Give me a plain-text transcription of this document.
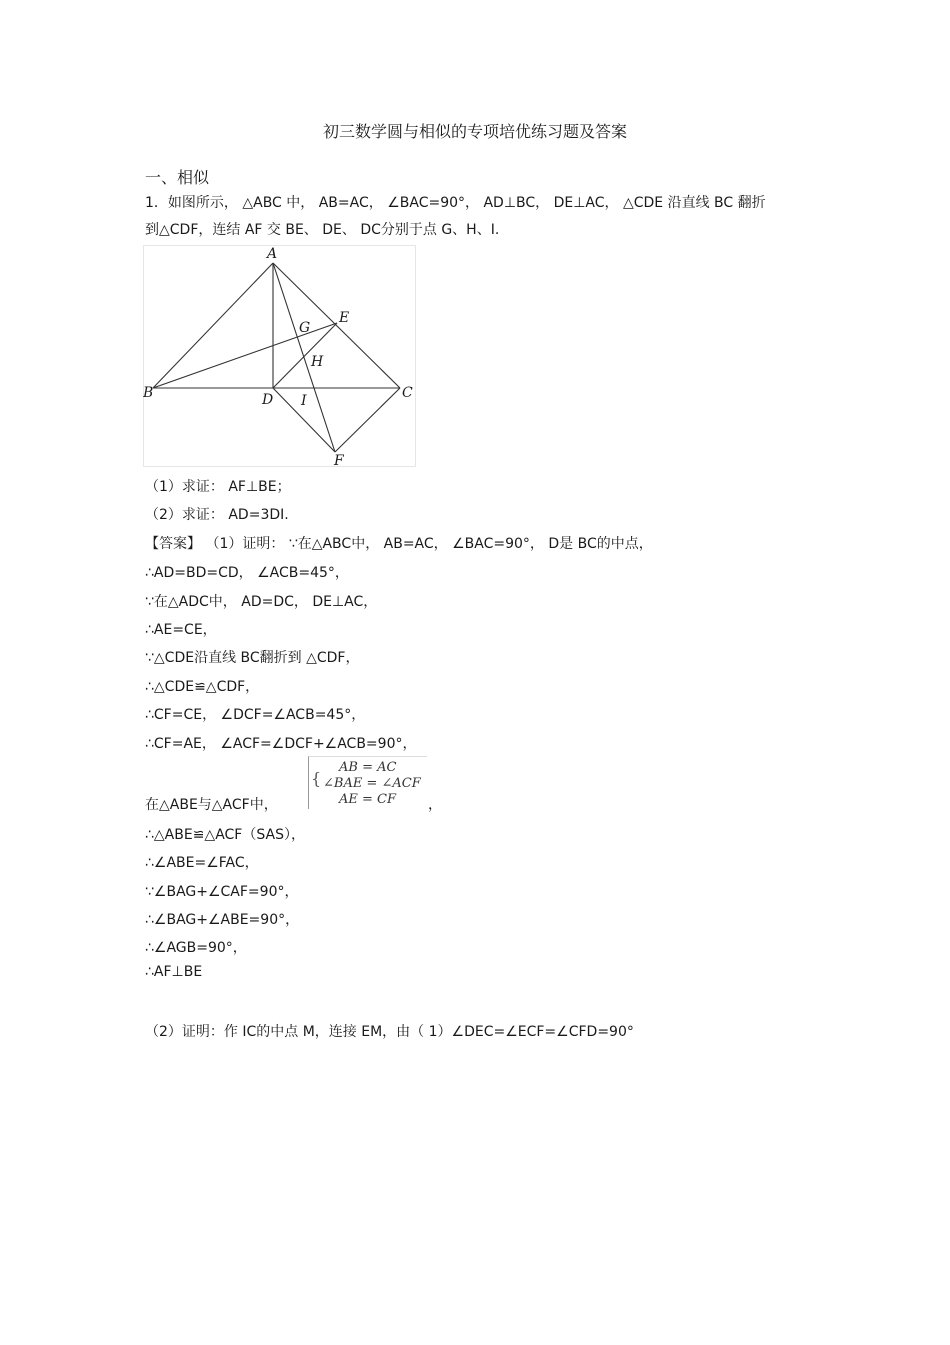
初三数学圆与相似的专项培优练习题及答案
一、相似
1．如图所示， △ABC 中， AB=AC， ∠BAC=90°， AD⊥BC， DE⊥AC， △CDE 沿直线 BC 翻折
到△CDF，连结 AF 交 BE、 DE、 DC分别于点 G、H、I.
A
B	C
D
E
F
G
H
I
（1）求证： AF⊥BE；
（2）求证： AD=3DI.
【答案】 （1）证明： ∵在△ABC中， AB=AC， ∠BAC=90°， D是 BC的中点，
∴AD=BD=CD， ∠ACB=45°，
∵在△ADC中， AD=DC， DE⊥AC，
∴AE=CE，
∵△CDE沿直线 BC翻折到 △CDF，
∴△CDE≌△CDF，
∴CF=CE， ∠DCF=∠ACB=45°，
∴CF=AE， ∠ACF=∠DCF+∠ACB=90°，
在△ABE与△ACF中，
{
AB = AC
∠BAE = ∠ACF
AE = CF ，
∴△ABE≌△ACF（SAS），
∴∠ABE=∠FAC，
∵∠BAG+∠CAF=90°，
∴∠BAG+∠ABE=90°，
∴∠AGB=90°，
∴AF⊥BE
（2）证明：作 IC的中点 M，连接 EM，由（ 1）∠DEC=∠ECF=∠CFD=90°
